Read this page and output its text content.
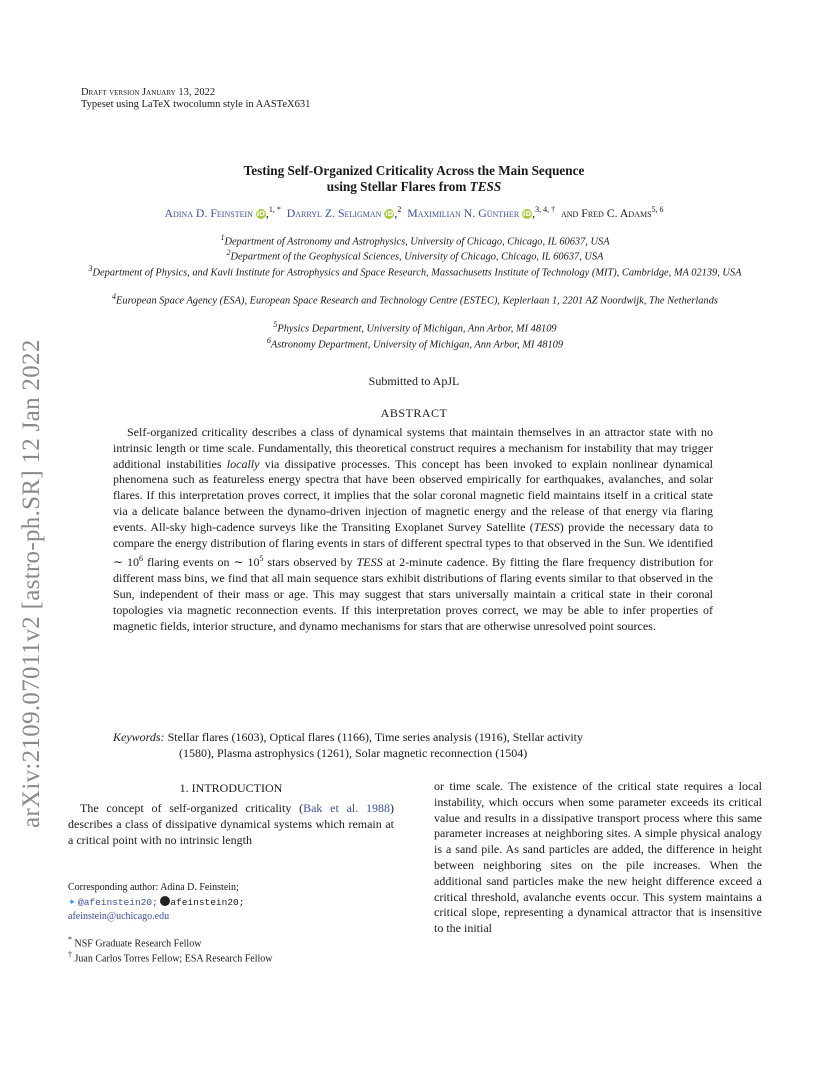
arXiv:2109.07011v2 [astro-ph.SR] 12 Jan 2022
Draft version January 13, 2022
Typeset using LaTeX twocolumn style in AASTeX631
Testing Self-Organized Criticality Across the Main Sequence
using Stellar Flares from TESS
Adina D. Feinstein iD,$^{1, *}$ Darryl Z. Seligman iD,$^2$ Maximilian N. Günther iD,$^{3, 4, \dagger}$ and Fred C. Adams$^{5, 6}$
$^1$Department of Astronomy and Astrophysics, University of Chicago, Chicago, IL 60637, USA
$^2$Department of the Geophysical Sciences, University of Chicago, Chicago, IL 60637, USA
$^3$Department of Physics, and Kavli Institute for Astrophysics and Space Research, Massachusetts Institute of Technology (MIT), Cambridge, MA 02139, USA
$^4$European Space Agency (ESA), European Space Research and Technology Centre (ESTEC), Keplerlaan 1, 2201 AZ Noordwijk, The Netherlands
$^5$Physics Department, University of Michigan, Ann Arbor, MI 48109
$^6$Astronomy Department, University of Michigan, Ann Arbor, MI 48109
Submitted to ApJL
ABSTRACT
Self-organized criticality describes a class of dynamical systems that maintain themselves in an attractor state with no intrinsic length or time scale. Fundamentally, this theoretical construct requires a mechanism for instability that may trigger additional instabilities locally via dissipative processes. This concept has been invoked to explain nonlinear dynamical phenomena such as featureless energy spectra that have been observed empirically for earthquakes, avalanches, and solar flares. If this interpretation proves correct, it implies that the solar coronal magnetic field maintains itself in a critical state via a delicate balance between the dynamo-driven injection of magnetic energy and the release of that energy via flaring events. All-sky high-cadence surveys like the Transiting Exoplanet Survey Satellite (TESS) provide the necessary data to compare the energy distribution of flaring events in stars of different spectral types to that observed in the Sun. We identified ∼ $10^6$ flaring events on ∼ $10^5$ stars observed by TESS at 2-minute cadence. By fitting the flare frequency distribution for different mass bins, we find that all main sequence stars exhibit distributions of flaring events similar to that observed in the Sun, independent of their mass or age. This may suggest that stars universally maintain a critical state in their coronal topologies via magnetic reconnection events. If this interpretation proves correct, we may be able to infer properties of magnetic fields, interior structure, and dynamo mechanisms for stars that are otherwise unresolved point sources.
Keywords: Stellar flares (1603), Optical flares (1166), Time series analysis (1916), Stellar activity
(1580), Plasma astrophysics (1261), Solar magnetic reconnection (1504)
1. INTRODUCTION
The concept of self-organized criticality (Bak et al. 1988) describes a class of dissipative dynamical systems which remain at a critical point with no intrinsic length
or time scale. The existence of the critical state requires a local instability, which occurs when some parameter exceeds its critical value and results in a dissipative transport process where this same parameter increases at neighboring sites. A simple physical analogy is a sand pile. As sand particles are added, the difference in height between neighboring sites on the pile increases. When the additional sand particles make the new height difference exceed a critical threshold, avalanche events occur. This system maintains a critical slope, representing a dynamical attractor that is insensitive to the initial
Corresponding author: Adina D. Feinstein;
✦ @afeinstein20; afeinstein20;
afeinstein@uchicago.edu
* NSF Graduate Research Fellow
† Juan Carlos Torres Fellow; ESA Research Fellow
